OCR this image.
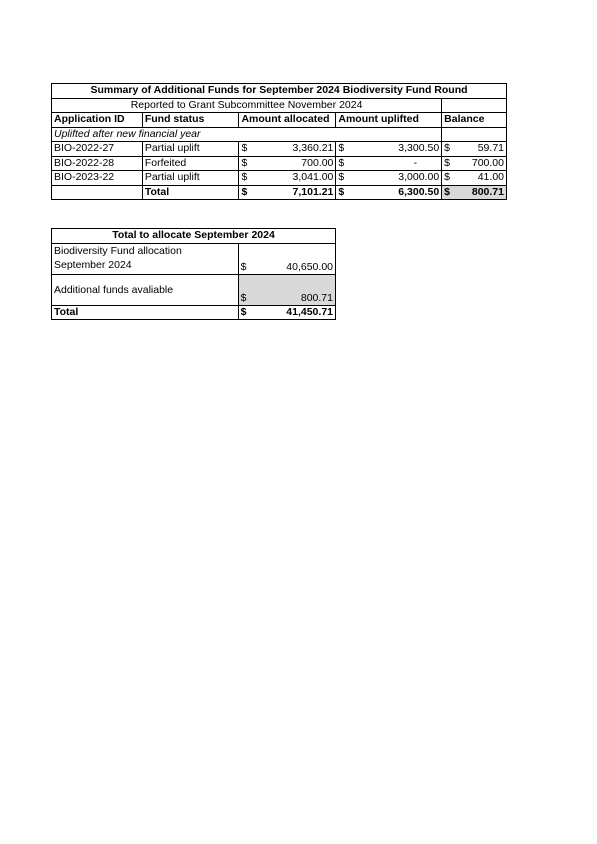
Summary of Additional Funds for September 2024 Biodiversity Fund Round							
Reported to Grant Subcommittee November 2024							
Application ID	Fund status	Amount allocated		Amount uplifted		Balance	
Uplifted after new financial year							
BIO-2022-27	Partial uplift	$	3,360.21	$	3,300.50	$	59.71
BIO-2022-28	Forfeited	$	700.00	$	-	$	700.00
BIO-2023-22	Partial uplift	$	3,041.00	$	3,000.00	$	41.00
	Total	$	7,101.21	$	6,300.50	$	800.71
Total to allocate September 2024		
Biodiversity Fund allocation September 2024	$	40,650.00
Additional funds avaliable	$	800.71
Total	$	41,450.71
